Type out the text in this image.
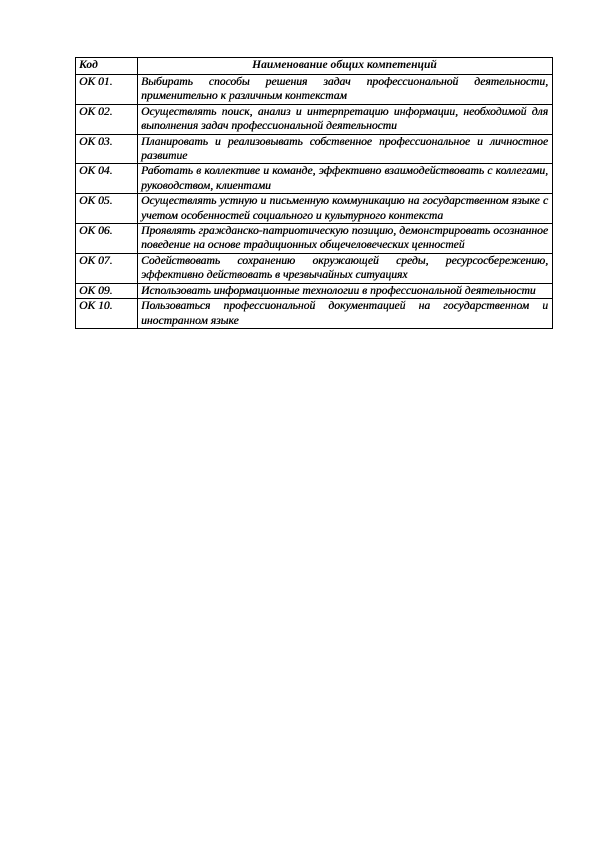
Код	Наименование общих компетенций
ОК 01.	Выбирать способы решения задач профессиональной деятельности, применительно к различным контекстам
ОК 02.	Осуществлять поиск, анализ и интерпретацию информации, необходимой для выполнения задач профессиональной деятельности
ОК 03.	Планировать и реализовывать собственное профессиональное и личностное развитие
ОК 04.	Работать в коллективе и команде, эффективно взаимодействовать с коллегами, руководством, клиентами
ОК 05.	Осуществлять устную и письменную коммуникацию на государственном языке с учетом особенностей социального и культурного контекста
ОК 06.	Проявлять гражданско-патриотическую позицию, демонстрировать осознанное поведение на основе традиционных общечеловеческих ценностей
ОК 07.	Содействовать сохранению окружающей среды, ресурсосбережению, эффективно действовать в чрезвычайных ситуациях
ОК 09.	Использовать информационные технологии в профессиональной деятельности
ОК 10.	Пользоваться профессиональной документацией на государственном и иностранном языке
